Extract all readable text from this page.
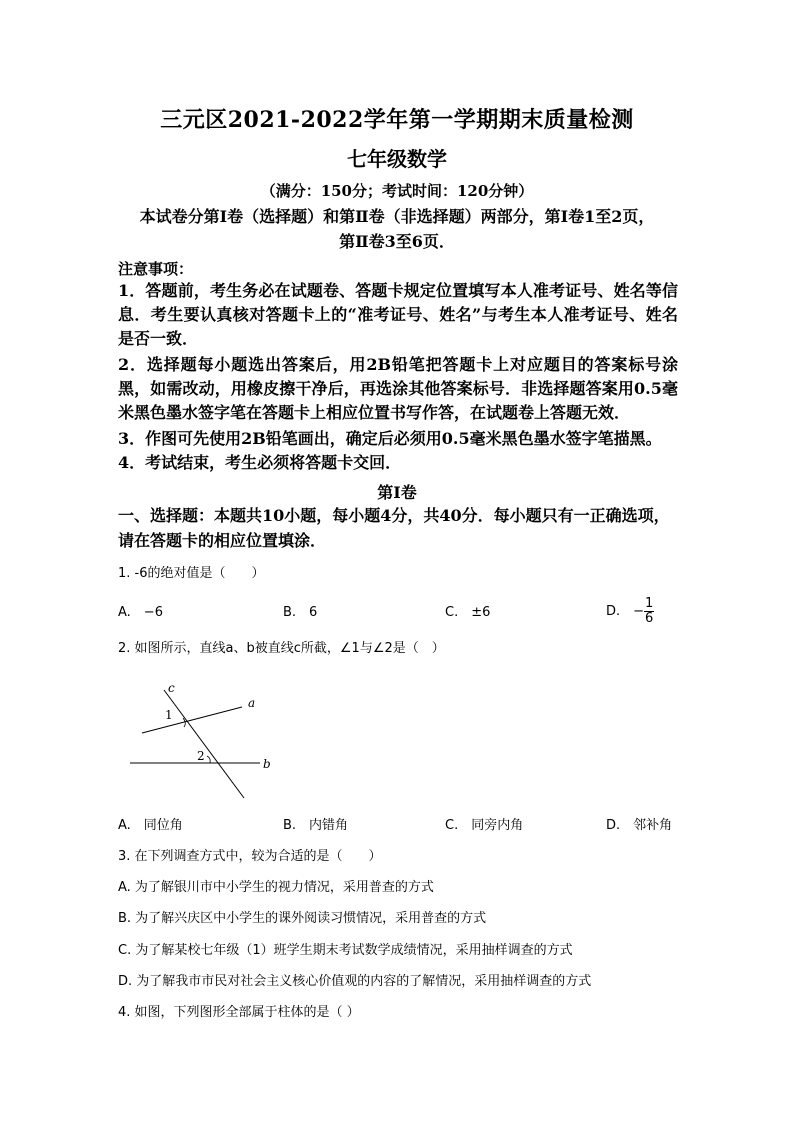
三元区2021-2022学年第一学期期末质量检测
七年级数学
（满分：150分；考试时间：120分钟）
本试卷分第Ⅰ卷（选择题）和第Ⅱ卷（非选择题）两部分，第Ⅰ卷1至2页，
第Ⅱ卷3至6页．
注意事项：
1．答题前，考生务必在试题卷、答题卡规定位置填写本人准考证号、姓名等信息．考生要认真核对答题卡上的“准考证号、姓名”与考生本人准考证号、姓名是否一致．
2．选择题每小题选出答案后，用2B铅笔把答题卡上对应题目的答案标号涂黑，如需改动，用橡皮擦干净后，再选涂其他答案标号．非选择题答案用0.5毫米黑色墨水签字笔在答题卡上相应位置书写作答，在试题卷上答题无效．
3．作图可先使用2B铅笔画出，确定后必须用0.5毫米黑色墨水签字笔描黑。
4．考试结束，考生必须将答题卡交回．
第Ⅰ卷
一、选择题：本题共10小题，每小题4分，共40分．每小题只有一正确选项，请在答题卡的相应位置填涂．
1. -6的绝对值是（　　）
A.　−6	B.　6	C.　±6	D.　− $\frac{1}{6}$
2. 如图所示，直线a、b被直线c所截，∠1与∠2是（　）
c
a
b
1
2
A.　同位角	B.　内错角	C.　同旁内角	D.　邻补角
3. 在下列调查方式中，较为合适的是（　　）
A. 为了解银川市中小学生的视力情况，采用普查的方式
B. 为了解兴庆区中小学生的课外阅读习惯情况，采用普查的方式
C. 为了解某校七年级（1）班学生期末考试数学成绩情况，采用抽样调查的方式
D. 为了解我市市民对社会主义核心价值观的内容的了解情况，采用抽样调查的方式
4. 如图，下列图形全部属于柱体的是（ ）
